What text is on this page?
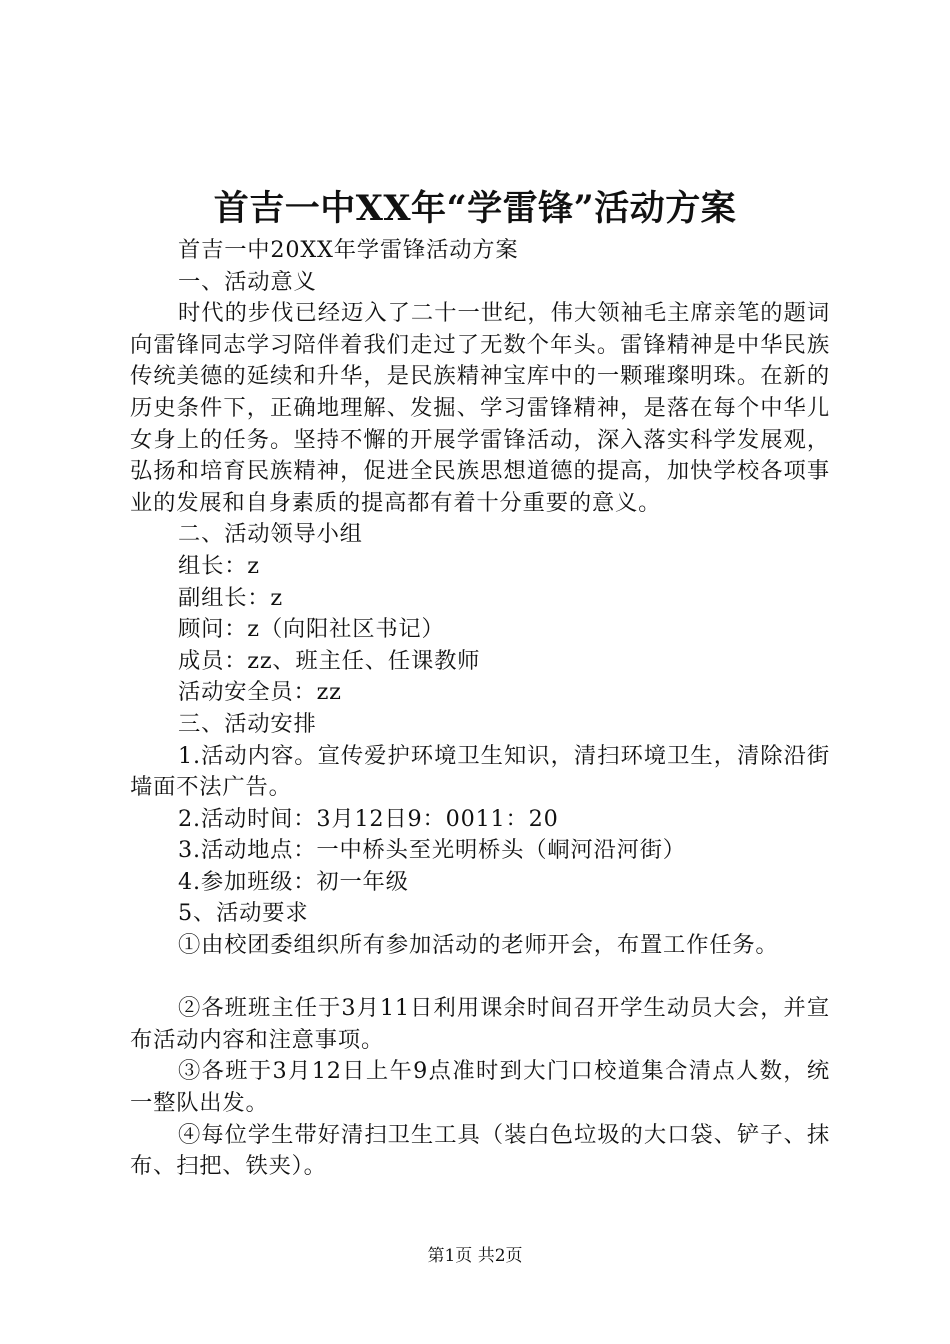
首吉一中XX年“学雷锋”活动方案

首吉一中20XX年学雷锋活动方案

一、活动意义

时代的步伐已经迈入了二十一世纪，伟大领袖毛主席亲笔的题词向雷锋同志学习陪伴着我们走过了无数个年头。雷锋精神是中华民族传统美德的延续和升华，是民族精神宝库中的一颗璀璨明珠。在新的历史条件下，正确地理解、发掘、学习雷锋精神，是落在每个中华儿女身上的任务。坚持不懈的开展学雷锋活动，深入落实科学发展观，弘扬和培育民族精神，促进全民族思想道德的提高，加快学校各项事业的发展和自身素质的提高都有着十分重要的意义。

二、活动领导小组

组长：z

副组长：z

顾问：z（向阳社区书记）

成员：zz、班主任、任课教师

活动安全员：zz

三、活动安排

1.活动内容。宣传爱护环境卫生知识，清扫环境卫生，清除沿街墙面不法广告。

2.活动时间：3月12日9：0011：20

3.活动地点：一中桥头至光明桥头（峒河沿河街）

4.参加班级：初一年级

5、活动要求

①由校团委组织所有参加活动的老师开会，布置工作任务。

②各班班主任于3月11日利用课余时间召开学生动员大会，并宣布活动内容和注意事项。

③各班于3月12日上午9点准时到大门口校道集合清点人数，统一整队出发。

④每位学生带好清扫卫生工具（装白色垃圾的大口袋、铲子、抹布、扫把、铁夹）。

第1页 共2页
